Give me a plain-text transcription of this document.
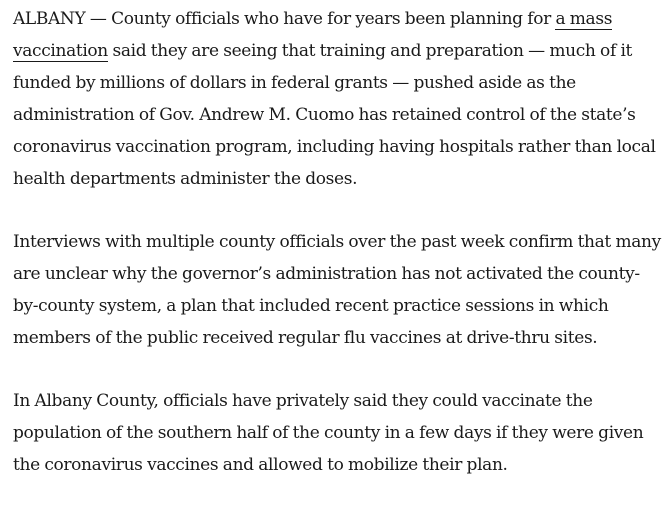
ALBANY — County officials who have for years been planning for a mass vaccination said they are seeing that training and preparation — much of it funded by millions of dollars in federal grants — pushed aside as the administration of Gov. Andrew M. Cuomo has retained control of the state’s coronavirus vaccination program, including having hospitals rather than local health departments administer the doses.

Interviews with multiple county officials over the past week confirm that many are unclear why the governor’s administration has not activated the county-by-county system, a plan that included recent practice sessions in which members of the public received regular flu vaccines at drive-thru sites.

In Albany County, officials have privately said they could vaccinate the population of the southern half of the county in a few days if they were given the coronavirus vaccines and allowed to mobilize their plan.
